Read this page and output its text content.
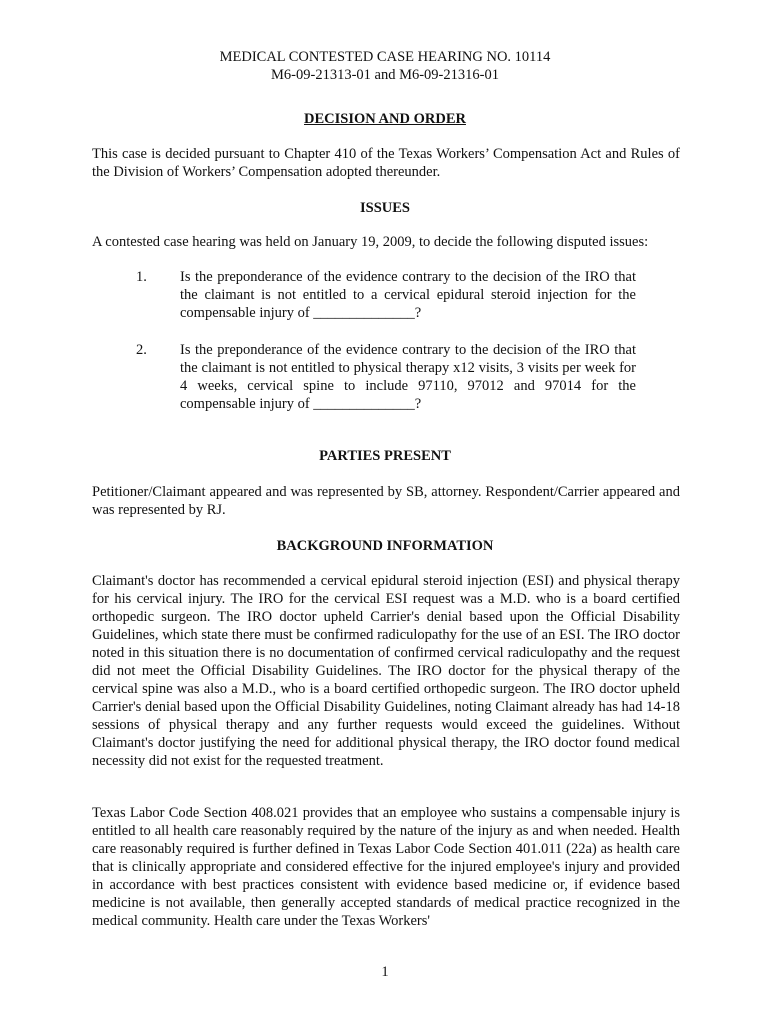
MEDICAL CONTESTED CASE HEARING NO. 10114
M6-09-21313-01 and M6-09-21316-01
DECISION AND ORDER
This case is decided pursuant to Chapter 410 of the Texas Workers’ Compensation Act and Rules of the Division of Workers’ Compensation adopted thereunder.
ISSUES
A contested case hearing was held on January 19, 2009, to decide the following disputed issues:
1. Is the preponderance of the evidence contrary to the decision of the IRO that the claimant is not entitled to a cervical epidural steroid injection for the compensable injury of ______________?
2. Is the preponderance of the evidence contrary to the decision of the IRO that the claimant is not entitled to physical therapy x12 visits, 3 visits per week for 4 weeks, cervical spine to include 97110, 97012 and 97014 for the compensable injury of ______________?
PARTIES PRESENT
Petitioner/Claimant appeared and was represented by SB, attorney. Respondent/Carrier appeared and was represented by RJ.
BACKGROUND INFORMATION
Claimant's doctor has recommended a cervical epidural steroid injection (ESI) and physical therapy for his cervical injury. The IRO for the cervical ESI request was a M.D. who is a board certified orthopedic surgeon. The IRO doctor upheld Carrier's denial based upon the Official Disability Guidelines, which state there must be confirmed radiculopathy for the use of an ESI. The IRO doctor noted in this situation there is no documentation of confirmed cervical radiculopathy and the request did not meet the Official Disability Guidelines. The IRO doctor for the physical therapy of the cervical spine was also a M.D., who is a board certified orthopedic surgeon. The IRO doctor upheld Carrier's denial based upon the Official Disability Guidelines, noting Claimant already has had 14-18 sessions of physical therapy and any further requests would exceed the guidelines. Without Claimant's doctor justifying the need for additional physical therapy, the IRO doctor found medical necessity did not exist for the requested treatment.
Texas Labor Code Section 408.021 provides that an employee who sustains a compensable injury is entitled to all health care reasonably required by the nature of the injury as and when needed. Health care reasonably required is further defined in Texas Labor Code Section 401.011 (22a) as health care that is clinically appropriate and considered effective for the injured employee's injury and provided in accordance with best practices consistent with evidence based medicine or, if evidence based medicine is not available, then generally accepted standards of medical practice recognized in the medical community. Health care under the Texas Workers'
1
